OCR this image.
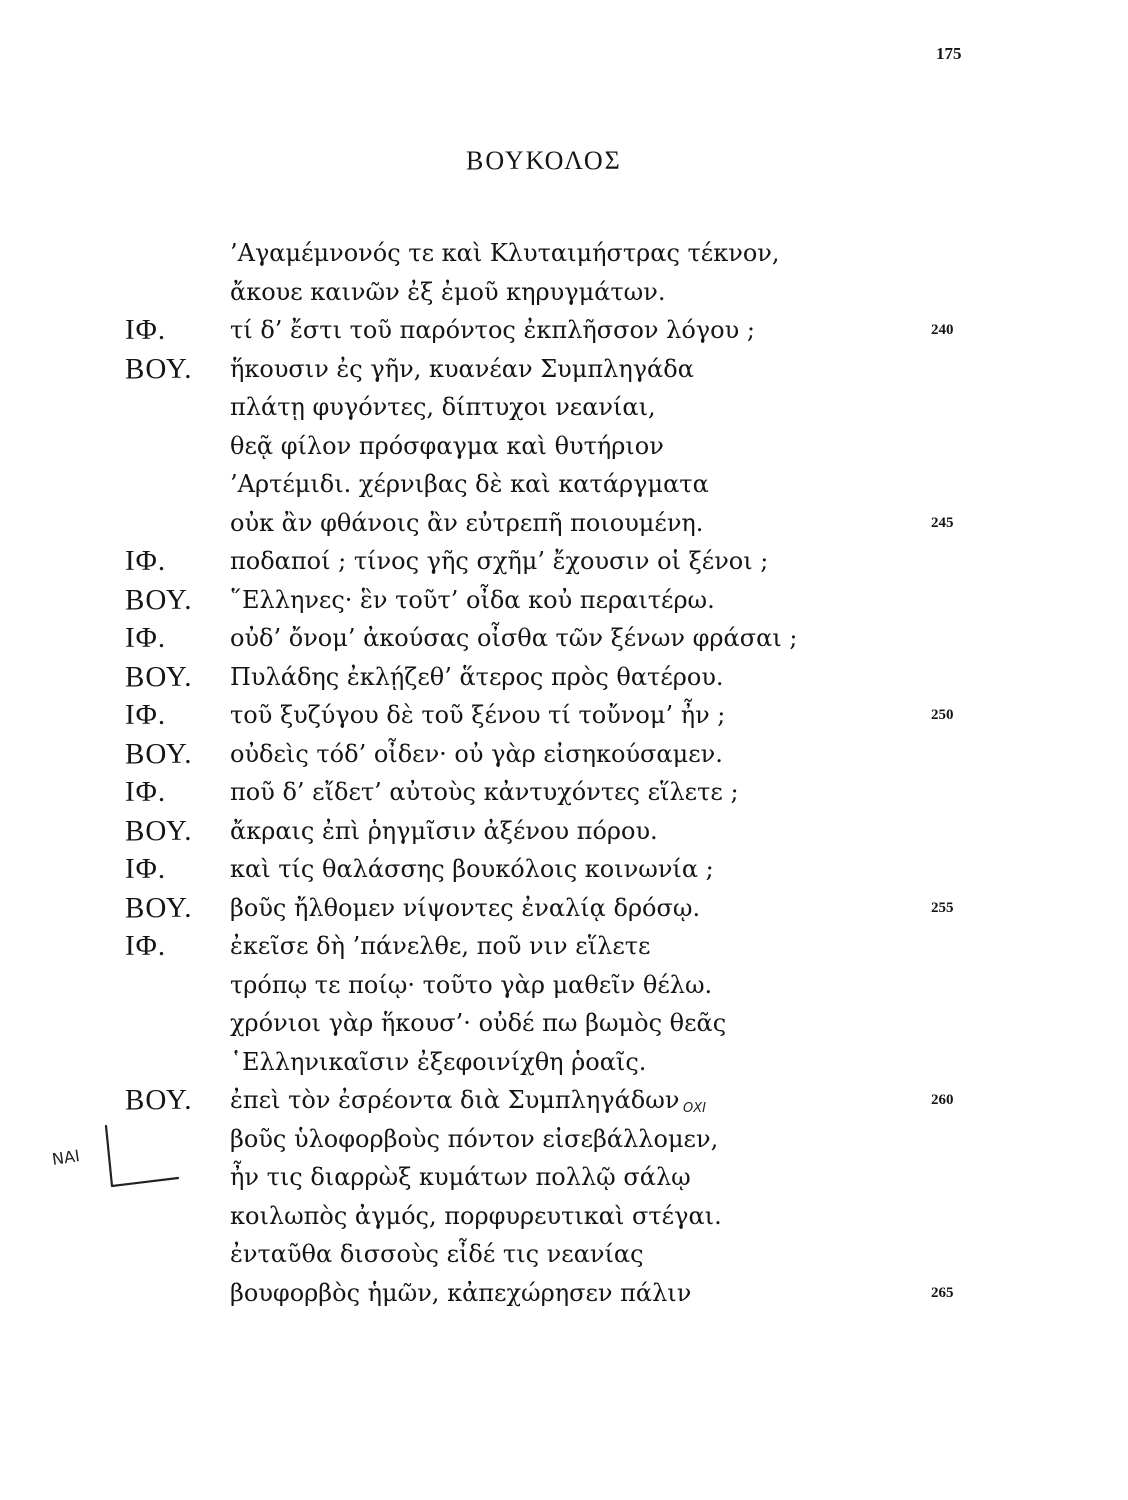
175
ΒΟΥΚΟΛΟΣ
’Αγαμέμνονός τε καὶ Κλυταιμήστρας τέκνον,
ἄκουε καινῶν ἐξ ἐμοῦ κηρυγμάτων.
ΙΦ.	τί δ’ ἔστι τοῦ παρόντος ἐκπλῆσσον λόγου ;	240
ΒΟΥ. ἥκουσιν ἐς γῆν, κυανέαν Συμπληγάδα
πλάτῃ φυγόντες, δίπτυχοι νεανίαι,
θεᾷ φίλον πρόσφαγμα καὶ θυτήριον
’Αρτέμιδι. χέρνιβας δὲ καὶ κατάργματα
οὐκ ἂν φθάνοις ἂν εὐτρεπῆ ποιουμένη.	245
ΙΦ.	ποδαποί ; τίνος γῆς σχῆμ’ ἔχουσιν οἱ ξένοι ;
ΒΟΥ. ῞Ελληνες· ἓν τοῦτ’ οἶδα κοὐ περαιτέρω.
ΙΦ.	οὐδ’ ὄνομ’ ἀκούσας οἶσθα τῶν ξένων φράσαι ;
ΒΟΥ. Πυλάδης ἐκλῄζεθ’ ἅτερος πρὸς θατέρου.
ΙΦ.	τοῦ ξυζύγου δὲ τοῦ ξένου τί τοὔνομ’ ἦν ;	250
ΒΟΥ. οὐδεὶς τόδ’ οἶδεν· οὐ γὰρ εἰσηκούσαμεν.
ΙΦ.	ποῦ δ’ εἴδετ’ αὐτοὺς κἀντυχόντες εἵλετε ;
ΒΟΥ. ἄκραις ἐπὶ ῥηγμῖσιν ἀξένου πόρου.
ΙΦ.	καὶ τίς θαλάσσης βουκόλοις κοινωνία ;
ΒΟΥ. βοῦς ἤλθομεν νίψοντες ἐναλίᾳ δρόσῳ.	255
ΙΦ.	ἐκεῖσε δὴ ’πάνελθε, ποῦ νιν εἵλετε
τρόπῳ τε ποίῳ· τοῦτο γὰρ μαθεῖν θέλω.
χρόνιοι γὰρ ἥκουσ’· οὐδέ πω βωμὸς θεᾶς
῾Ελληνικαῖσιν ἐξεφοινίχθη ῥοαῖς.
ΒΟΥ. ἐπεὶ τὸν ἐσρέοντα διὰ Συμπληγάδων	260
βοῦς ὑλοφορβοὺς πόντον εἰσεβάλλομεν,
ἦν τις διαρρὼξ κυμάτων πολλῷ σάλῳ
κοιλωπὸς ἀγμός, πορφυρευτικαὶ στέγαι.
ἐνταῦθα δισσοὺς εἶδέ τις νεανίας
βουφορβὸς ἡμῶν, κἀπεχώρησεν πάλιν	265
NAI
ΟΧΙ
